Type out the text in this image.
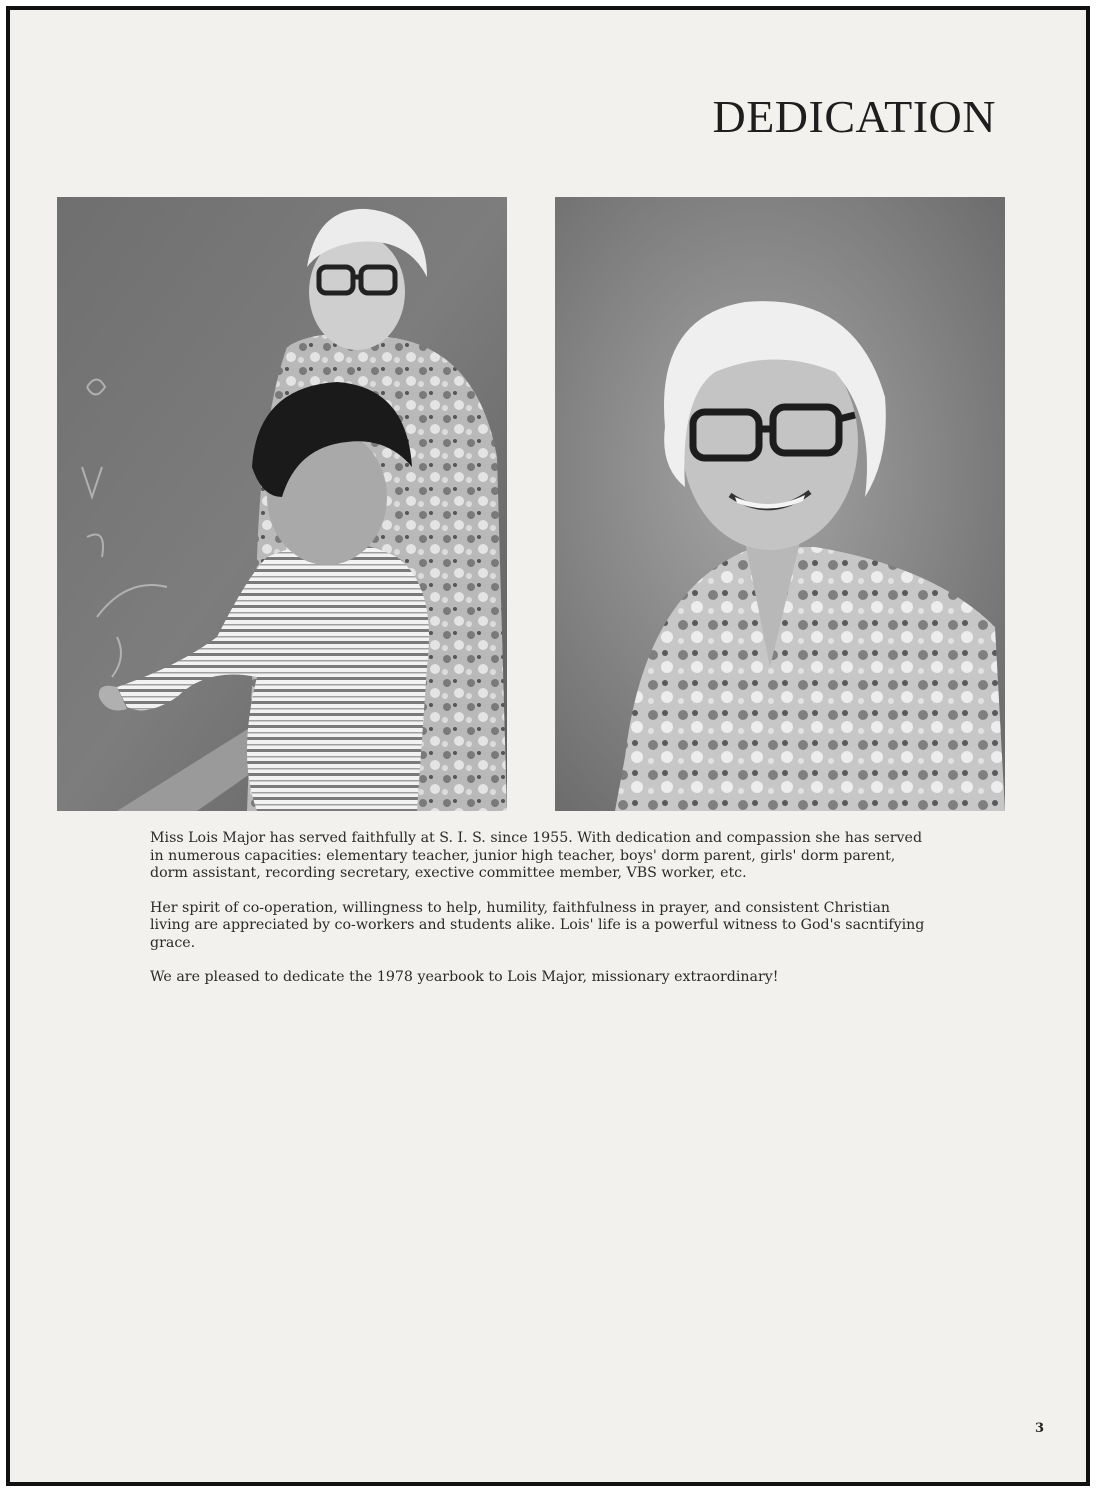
DEDICATION

Miss Lois Major has served faithfully at S. I. S. since 1955. With dedication and compassion she has served in numerous capacities: elementary teacher, junior high teacher, boys' dorm parent, girls' dorm parent, dorm assistant, recording secretary, exective committee member, VBS worker, etc.

Her spirit of co-operation, willingness to help, humility, faithfulness in prayer, and consistent Christian living are appreciated by co-workers and students alike. Lois' life is a powerful witness to God's sacntifying grace.

We are pleased to dedicate the 1978 yearbook to Lois Major, missionary extraordinary!

3
